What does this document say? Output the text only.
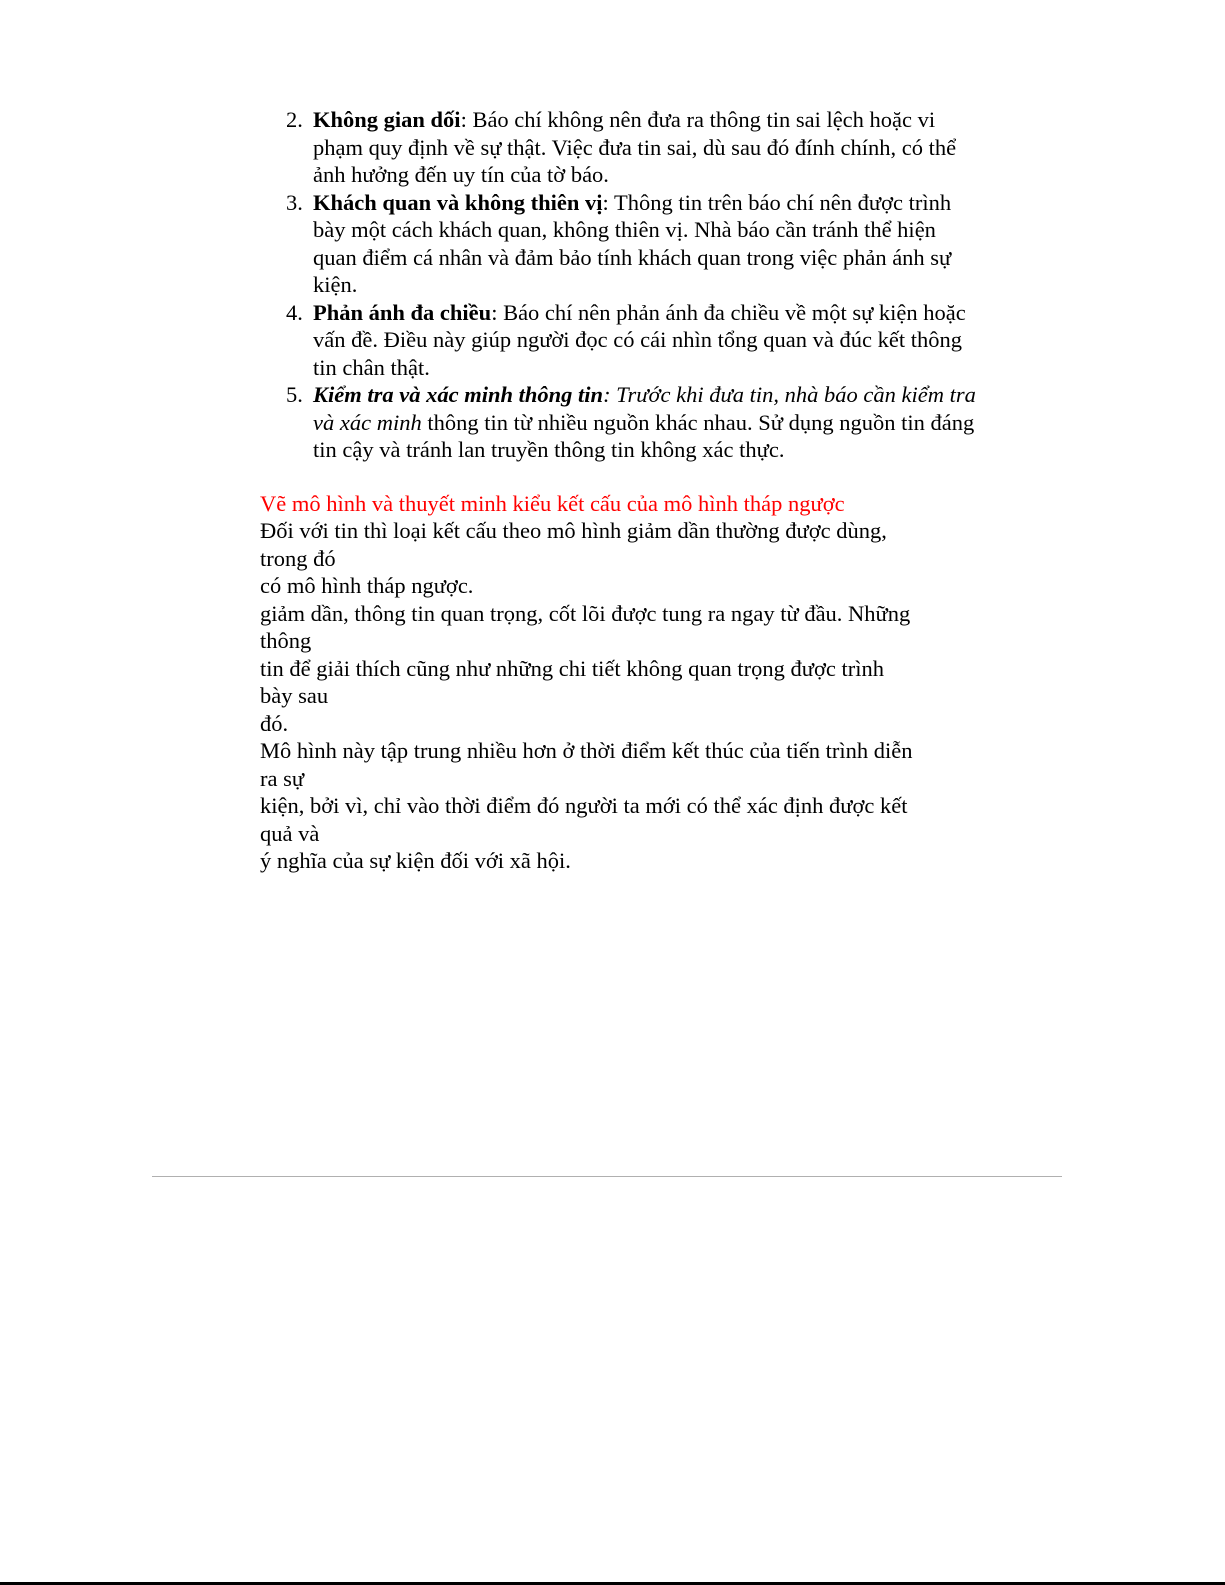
2. Không gian dối: Báo chí không nên đưa ra thông tin sai lệch hoặc vi phạm quy định về sự thật. Việc đưa tin sai, dù sau đó đính chính, có thể ảnh hưởng đến uy tín của tờ báo.
3. Khách quan và không thiên vị: Thông tin trên báo chí nên được trình bày một cách khách quan, không thiên vị. Nhà báo cần tránh thể hiện quan điểm cá nhân và đảm bảo tính khách quan trong việc phản ánh sự kiện.
4. Phản ánh đa chiều: Báo chí nên phản ánh đa chiều về một sự kiện hoặc vấn đề. Điều này giúp người đọc có cái nhìn tổng quan và đúc kết thông tin chân thật.
5. Kiểm tra và xác minh thông tin: Trước khi đưa tin, nhà báo cần kiểm tra và xác minh thông tin từ nhiều nguồn khác nhau. Sử dụng nguồn tin đáng tin cậy và tránh lan truyền thông tin không xác thực.
Vẽ mô hình và thuyết minh kiểu kết cấu của mô hình tháp ngược

Đối với tin thì loại kết cấu theo mô hình giảm dần thường được dùng,

trong đó

có mô hình tháp ngược.

giảm dần, thông tin quan trọng, cốt lõi được tung ra ngay từ đầu. Những

thông

tin để giải thích cũng như những chi tiết không quan trọng được trình

bày sau

đó.

Mô hình này tập trung nhiều hơn ở thời điểm kết thúc của tiến trình diễn

ra sự

kiện, bởi vì, chỉ vào thời điểm đó người ta mới có thể xác định được kết

quả và

ý nghĩa của sự kiện đối với xã hội.
